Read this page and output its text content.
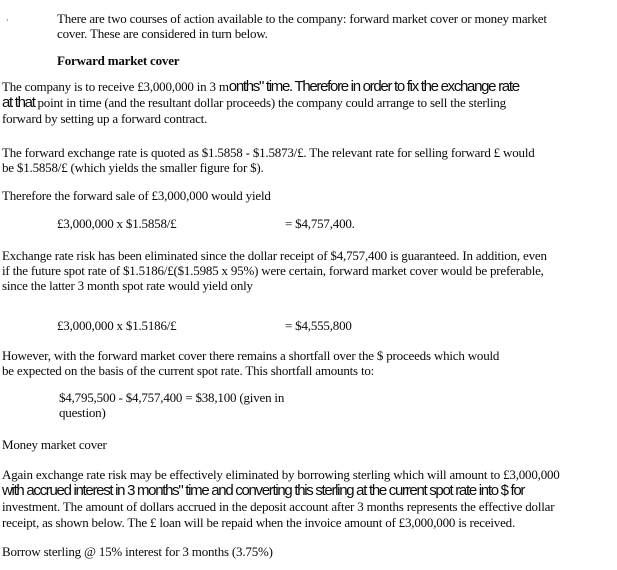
,	There are two courses of action available to the company: forward market cover or money market
cover. These are considered in turn below.
Forward market cover
The company is to receive £3,000,000 in 3 months" time. Therefore in order to fix the exchange rate
at that point in time (and the resultant dollar proceeds) the company could arrange to sell the sterling
forward by setting up a forward contract.
The forward exchange rate is quoted as $1.5858 - $1.5873/£. The relevant rate for selling forward £ would
be $1.5858/£ (which yields the smaller figure for $).
Therefore the forward sale of £3,000,000 would yield
£3,000,000 x $1.5858/£	= $4,757,400.
Exchange rate risk has been eliminated since the dollar receipt of $4,757,400 is guaranteed. In addition, even
if the future spot rate of $1.5186/£($1.5985 x 95%) were certain, forward market cover would be preferable,
since the latter 3 month spot rate would yield only
£3,000,000 x $1.5186/£	= $4,555,800
However, with the forward market cover there remains a shortfall over the $ proceeds which would
be expected on the basis of the current spot rate. This shortfall amounts to:
$4,795,500 - $4,757,400 = $38,100 (given in
question)
Money market cover
Again exchange rate risk may be effectively eliminated by borrowing sterling which will amount to £3,000,000
with accrued interest in 3 months" time and converting this sterling at the current spot rate into $ for
investment. The amount of dollars accrued in the deposit account after 3 months represents the effective dollar
receipt, as shown below. The £ loan will be repaid when the invoice amount of £3,000,000 is received.
Borrow sterling @ 15% interest for 3 months (3.75%)
